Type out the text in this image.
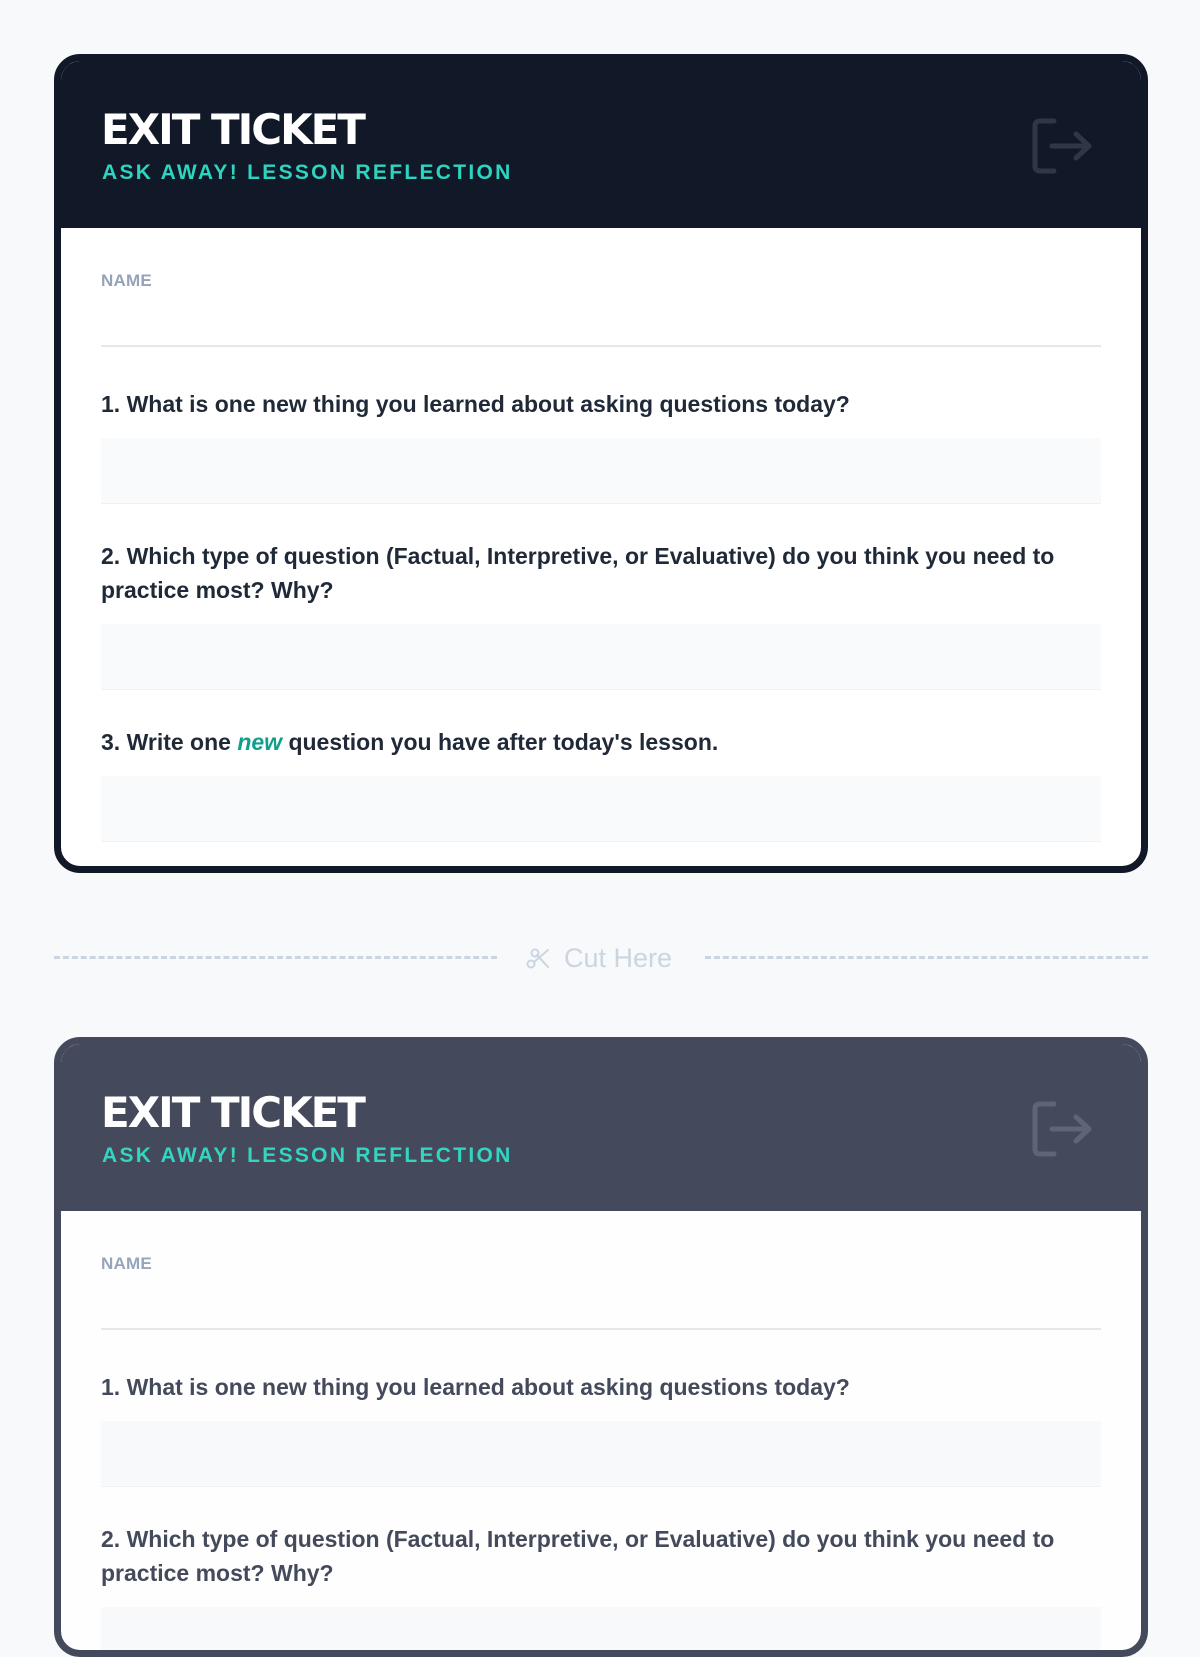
EXIT TICKET
ASK AWAY! LESSON REFLECTION
NAME
1. What is one new thing you learned about asking questions today?
2. Which type of question (Factual, Interpretive, or Evaluative) do you think you need to practice most? Why?
3. Write one new question you have after today's lesson.
Cut Here
EXIT TICKET
ASK AWAY! LESSON REFLECTION
NAME
1. What is one new thing you learned about asking questions today?
2. Which type of question (Factual, Interpretive, or Evaluative) do you think you need to practice most? Why?
